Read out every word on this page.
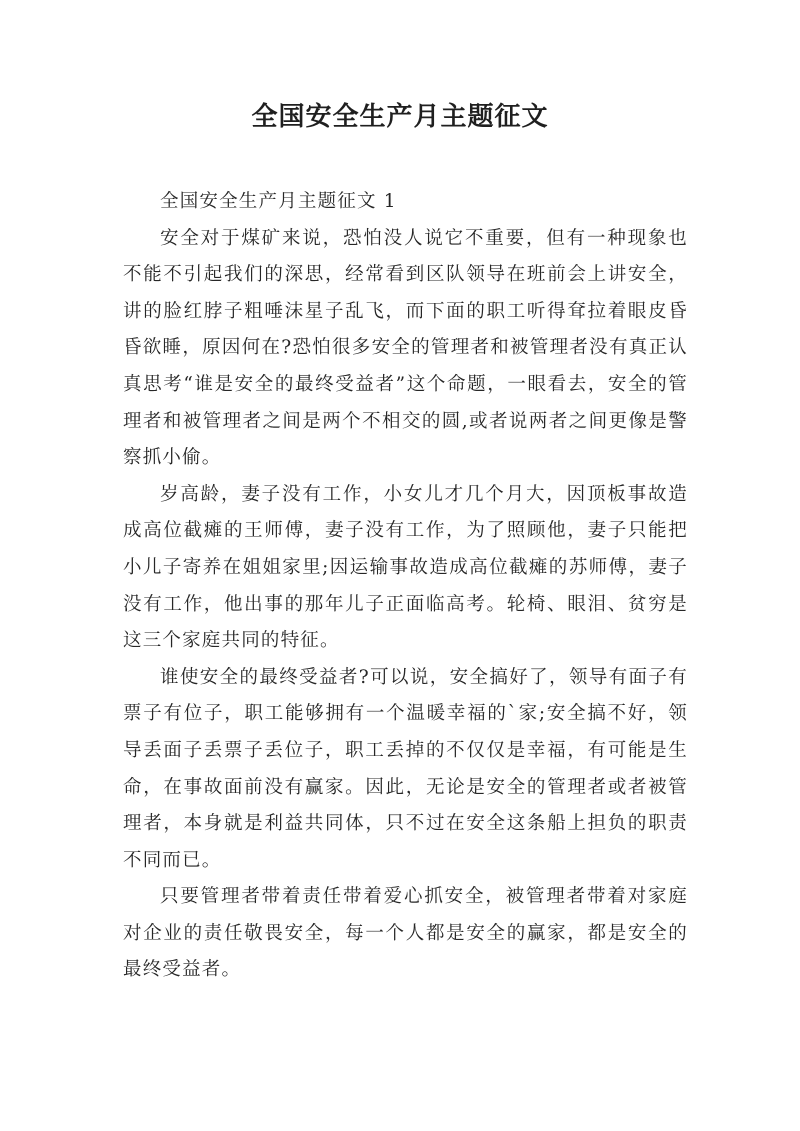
全国安全生产月主题征文

全国安全生产月主题征文 1

安全对于煤矿来说，恐怕没人说它不重要，但有一种现象也不能不引起我们的深思，经常看到区队领导在班前会上讲安全，讲的脸红脖子粗唾沫星子乱飞，而下面的职工听得耷拉着眼皮昏昏欲睡，原因何在?恐怕很多安全的管理者和被管理者没有真正认真思考“谁是安全的最终受益者”这个命题，一眼看去，安全的管理者和被管理者之间是两个不相交的圆,或者说两者之间更像是警察抓小偷。

岁高龄，妻子没有工作，小女儿才几个月大，因顶板事故造成高位截瘫的王师傅，妻子没有工作，为了照顾他，妻子只能把小儿子寄养在姐姐家里;因运输事故造成高位截瘫的苏师傅，妻子没有工作，他出事的那年儿子正面临高考。轮椅、眼泪、贫穷是这三个家庭共同的特征。

谁使安全的最终受益者?可以说，安全搞好了，领导有面子有票子有位子，职工能够拥有一个温暖幸福的`家;安全搞不好，领导丢面子丢票子丢位子，职工丢掉的不仅仅是幸福，有可能是生命，在事故面前没有赢家。因此，无论是安全的管理者或者被管理者，本身就是利益共同体，只不过在安全这条船上担负的职责不同而已。

只要管理者带着责任带着爱心抓安全，被管理者带着对家庭对企业的责任敬畏安全，每一个人都是安全的赢家，都是安全的最终受益者。
